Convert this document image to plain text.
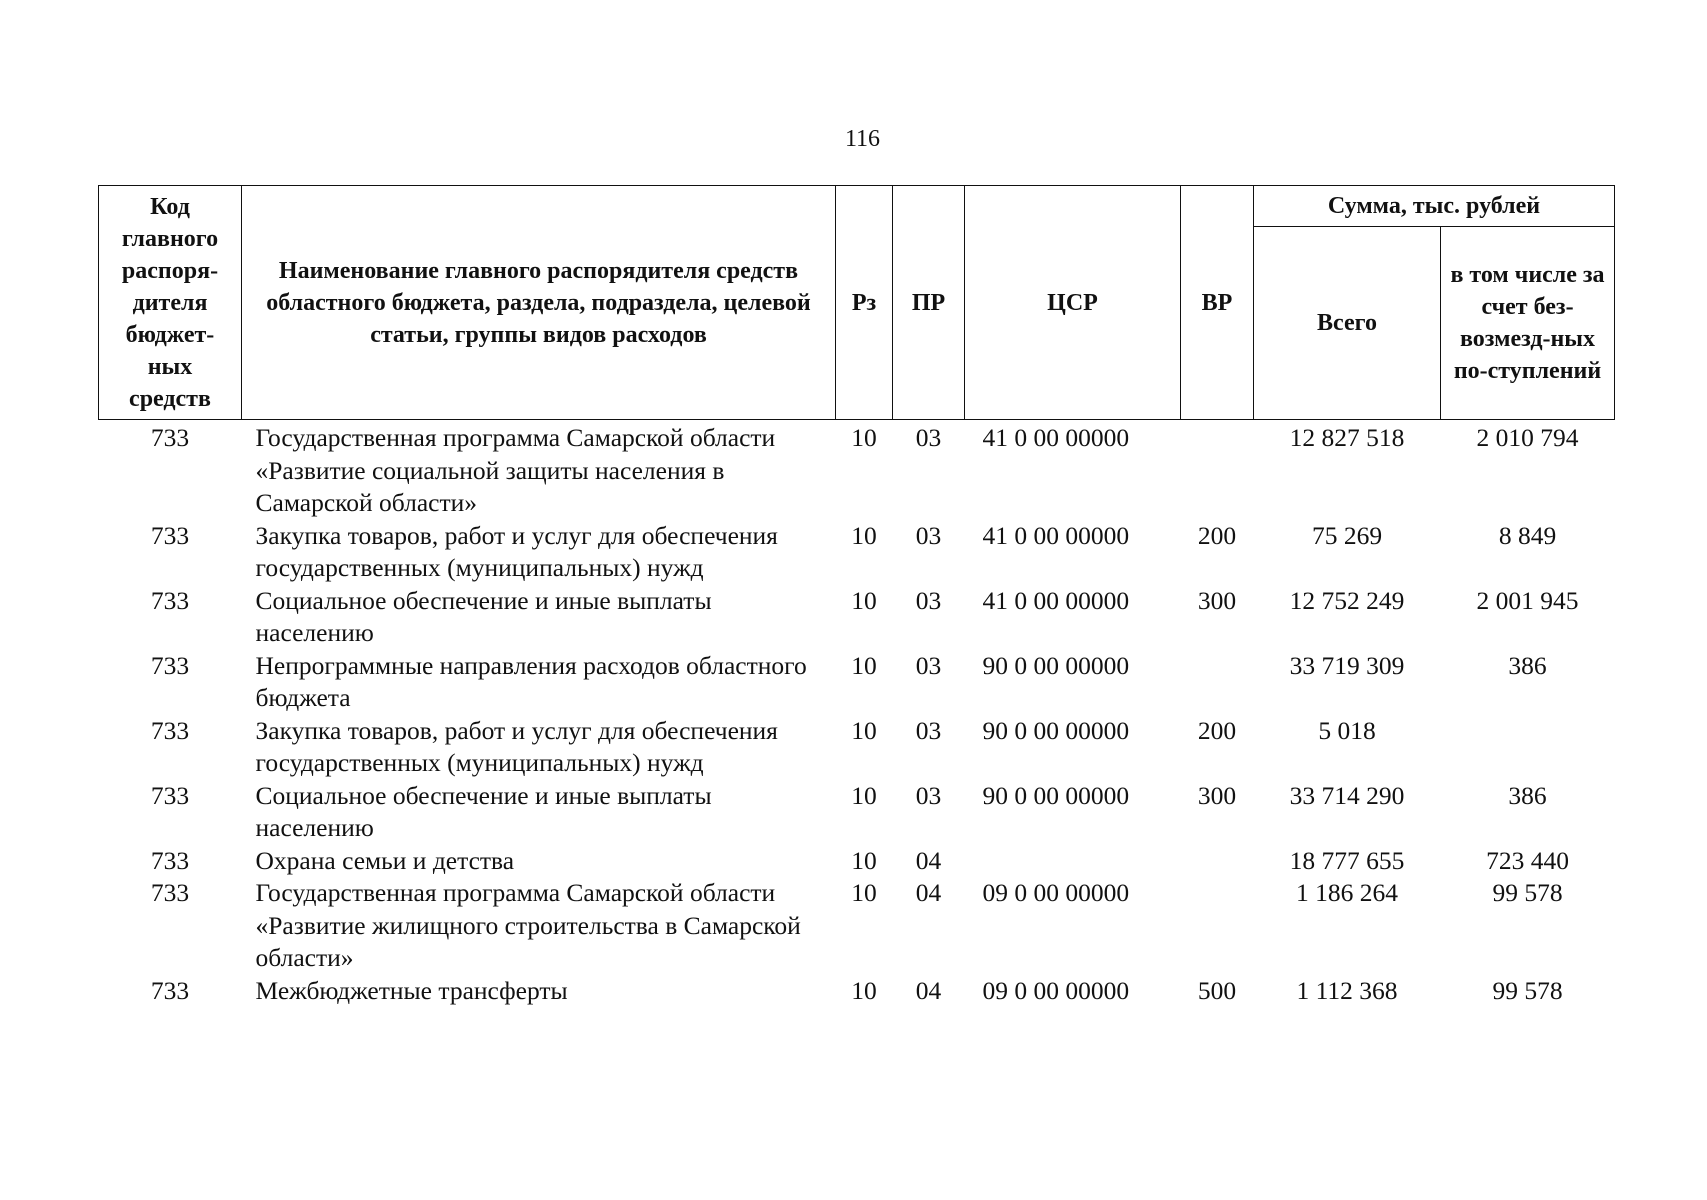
116
Код главного распоря-дителя бюджет-ных средств	Наименование главного распорядителя средств областного бюджета, раздела, подраздела, целевой статьи, группы видов расходов	Рз	ПР	ЦСР	ВР	Сумма, тыс. рублей	
						Всего	в том числе за счет без-возмезд-ных по-ступлений
733	Государственная программа Самарской области «Развитие социальной защиты населения в Самарской области»	10	03	41 0 00 00000		12 827 518	2 010 794
733	Закупка товаров, работ и услуг для обеспечения государственных (муниципальных) нужд	10	03	41 0 00 00000	200	75 269	8 849
733	Социальное обеспечение и иные выплаты населению	10	03	41 0 00 00000	300	12 752 249	2 001 945
733	Непрограммные направления расходов областного бюджета	10	03	90 0 00 00000		33 719 309	386
733	Закупка товаров, работ и услуг для обеспечения государственных (муниципальных) нужд	10	03	90 0 00 00000	200	5 018	
733	Социальное обеспечение и иные выплаты населению	10	03	90 0 00 00000	300	33 714 290	386
733	Охрана семьи и детства	10	04			18 777 655	723 440
733	Государственная программа Самарской области «Развитие жилищного строительства в Самарской области»	10	04	09 0 00 00000		1 186 264	99 578
733	Межбюджетные трансферты	10	04	09 0 00 00000	500	1 112 368	99 578
